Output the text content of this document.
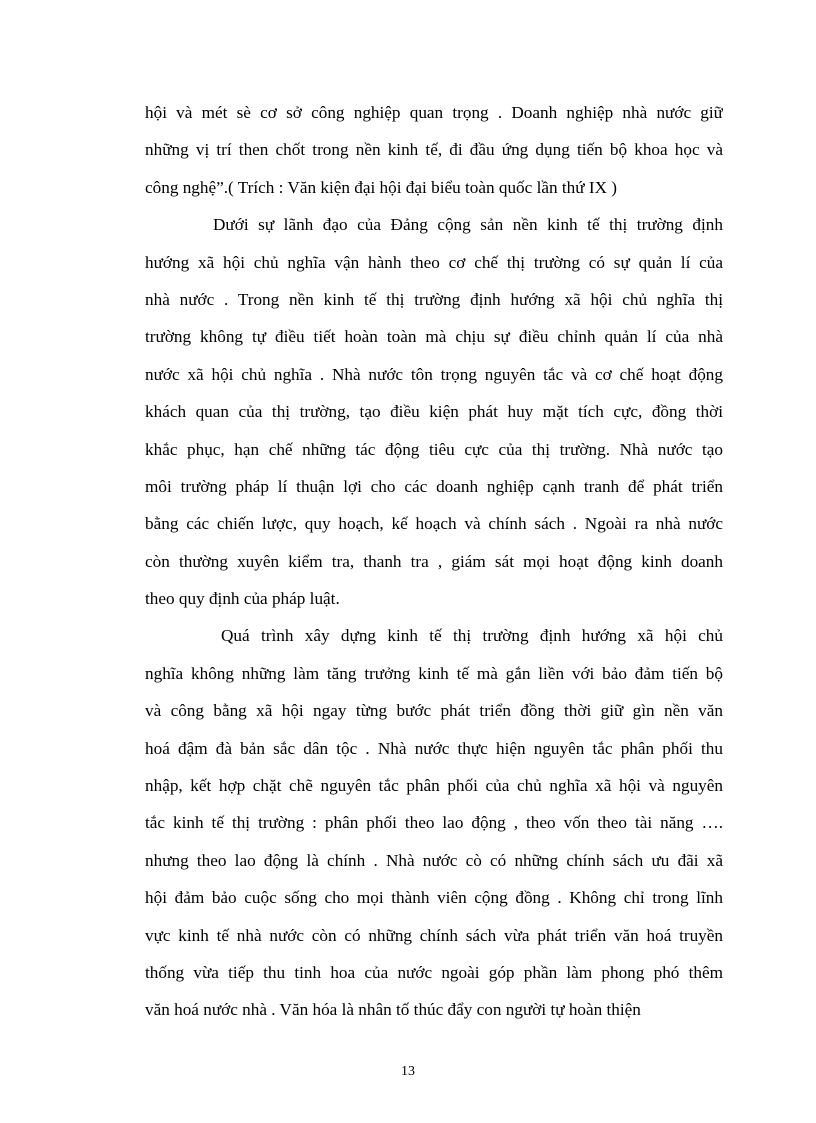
hội và mét sè cơ sở công nghiệp quan trọng . Doanh nghiệp nhà nước giữ
những vị trí then chốt trong nền kinh tế, đi đầu ứng dụng tiến bộ khoa học và
công nghệ”.( Trích : Văn kiện đại hội đại biểu toàn quốc lần thứ IX )
Dưới sự lãnh đạo của Đảng cộng sản nền kinh tế thị trường định
hướng xã hội chủ nghĩa vận hành theo cơ chế thị trường có sự quản lí của
nhà nước . Trong nền kinh tế thị trường định hướng xã hội chủ nghĩa thị
trường không tự điều tiết hoàn toàn mà chịu sự điều chỉnh quản lí của nhà
nước xã hội chủ nghĩa . Nhà nước tôn trọng nguyên tắc và cơ chế hoạt động
khách quan của thị trường, tạo điều kiện phát huy mặt tích cực, đồng thời
khắc phục, hạn chế những tác động tiêu cực của thị trường. Nhà nước tạo
môi trường pháp lí thuận lợi cho các doanh nghiệp cạnh tranh để phát triển
bằng các chiến lược, quy hoạch, kế hoạch và chính sách . Ngoài ra nhà nước
còn thường xuyên kiểm tra, thanh tra , giám sát mọi hoạt động kinh doanh
theo quy định của pháp luật.
Quá trình xây dựng kinh tế thị trường định hướng xã hội chủ
nghĩa không những làm tăng trưởng kinh tế mà gắn liền với bảo đảm tiến bộ
và công bằng xã hội ngay từng bước phát triển đồng thời giữ gìn nền văn
hoá đậm đà bản sắc dân tộc . Nhà nước thực hiện nguyên tắc phân phối thu
nhập, kết hợp chặt chẽ nguyên tắc phân phối của chủ nghĩa xã hội và nguyên
tắc kinh tế thị trường : phân phối theo lao động , theo vốn theo tài năng ….
nhưng theo lao động là chính . Nhà nước cò có những chính sách ưu đãi xã
hội đảm bảo cuộc sống cho mọi thành viên cộng đồng . Không chỉ trong lĩnh
vực kinh tế nhà nước còn có những chính sách vừa phát triển văn hoá truyền
thống vừa tiếp thu tinh hoa của nước ngoài góp phần làm phong phó thêm
văn hoá nước nhà . Văn hóa là nhân tố thúc đẩy con người tự hoàn thiện
13
